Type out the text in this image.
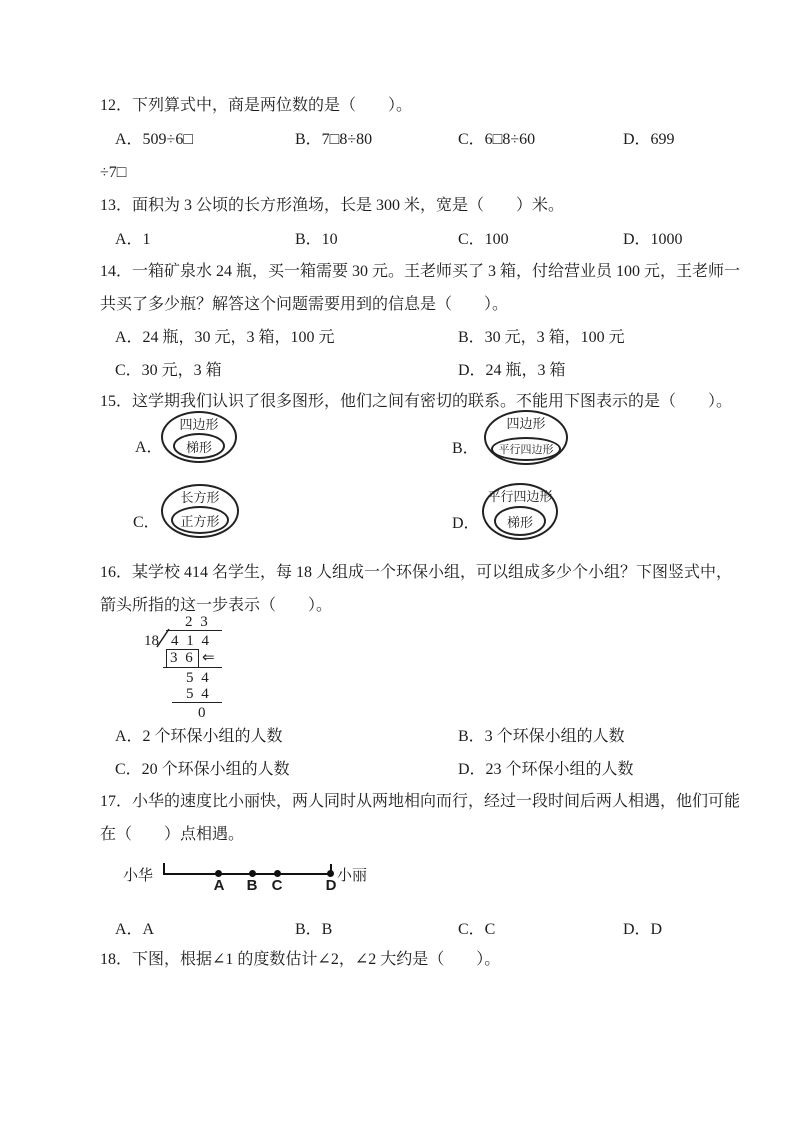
12．下列算式中，商是两位数的是（　　）。
A．509÷6□	B．7□8÷80	C．6□8÷60	D．699
÷7□
13．面积为 3 公顷的长方形渔场，长是 300 米，宽是（　　）米。
A．1	B．10	C．100	D．1000
14．一箱矿泉水 24 瓶，买一箱需要 30 元。王老师买了 3 箱，付给营业员 100 元，王老师一
共买了多少瓶？解答这个问题需要用到的信息是（　　）。
A．24 瓶，30 元，3 箱，100 元	B．30 元，3 箱，100 元
C．30 元，3 箱	D．24 瓶，3 箱
15．这学期我们认识了很多图形，他们之间有密切的联系。不能用下图表示的是（　　）。
A．
四边形
梯形	B．
四边形
平行四边形
C．
长方形
正方形	D．
平行四边形
梯形
16．某学校 414 名学生，每 18 人组成一个环保小组，可以组成多少个小组？下图竖式中，
箭头所指的这一步表示（　　）。
2 3
18 4 1 4
3 6 ⇐
5 4
5 4
0
A．2 个环保小组的人数	B．3 个环保小组的人数
C．20 个环保小组的人数	D．23 个环保小组的人数
17．小华的速度比小丽快，两人同时从两地相向而行，经过一段时间后两人相遇，他们可能
在（　　）点相遇。
小华
A B C	D
小丽
A．A	B．B	C．C	D．D
18．下图，根据∠1 的度数估计∠2，∠2 大约是（　　）。
